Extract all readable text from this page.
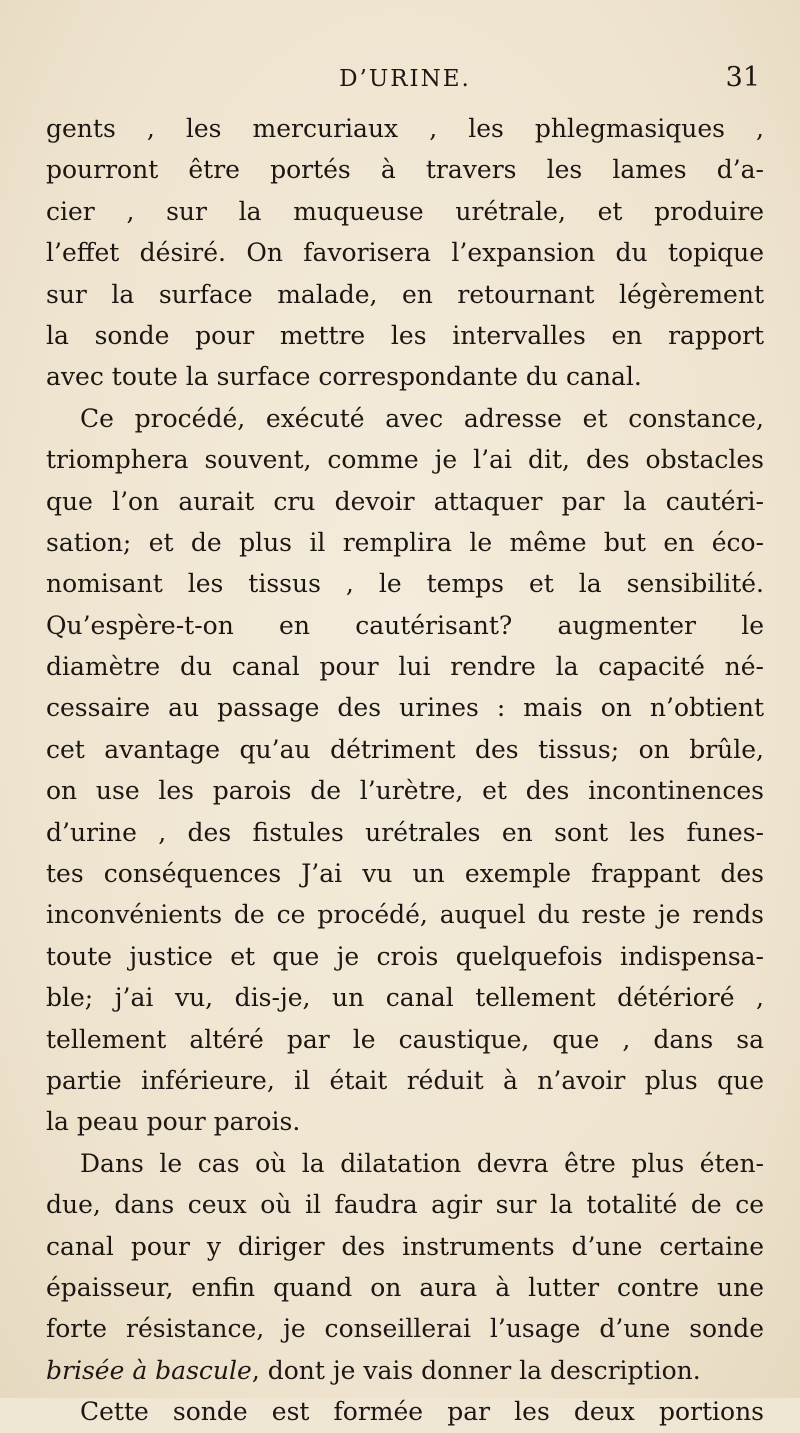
D’URINE.	31
gents , les mercuriaux , les phlegmasiques ,
pourront être portés à travers les lames d’a-
cier , sur la muqueuse urétrale, et produire
l’effet désiré. On favorisera l’expansion du topique
sur la surface malade, en retournant légèrement
la sonde pour mettre les intervalles en rapport
avec toute la surface correspondante du canal.
Ce procédé, exécuté avec adresse et constance,
triomphera souvent, comme je l’ai dit, des obstacles
que l’on aurait cru devoir attaquer par la cautéri-
sation; et de plus il remplira le même but en éco-
nomisant les tissus , le temps et la sensibilité.
Qu’espère-t-on en cautérisant? augmenter le
diamètre du canal pour lui rendre la capacité né-
cessaire au passage des urines : mais on n’obtient
cet avantage qu’au détriment des tissus; on brûle,
on use les parois de l’urètre, et des incontinences
d’urine , des fistules urétrales en sont les funes-
tes conséquences J’ai vu un exemple frappant des
inconvénients de ce procédé, auquel du reste je rends
toute justice et que je crois quelquefois indispensa-
ble; j’ai vu, dis-je, un canal tellement détérioré ,
tellement altéré par le caustique, que , dans sa
partie inférieure, il était réduit à n’avoir plus que
la peau pour parois.
Dans le cas où la dilatation devra être plus éten-
due, dans ceux où il faudra agir sur la totalité de ce
canal pour y diriger des instruments d’une certaine
épaisseur, enfin quand on aura à lutter contre une
forte résistance, je conseillerai l’usage d’une sonde
brisée à bascule, dont je vais donner la description.
Cette sonde est formée par les deux portions
